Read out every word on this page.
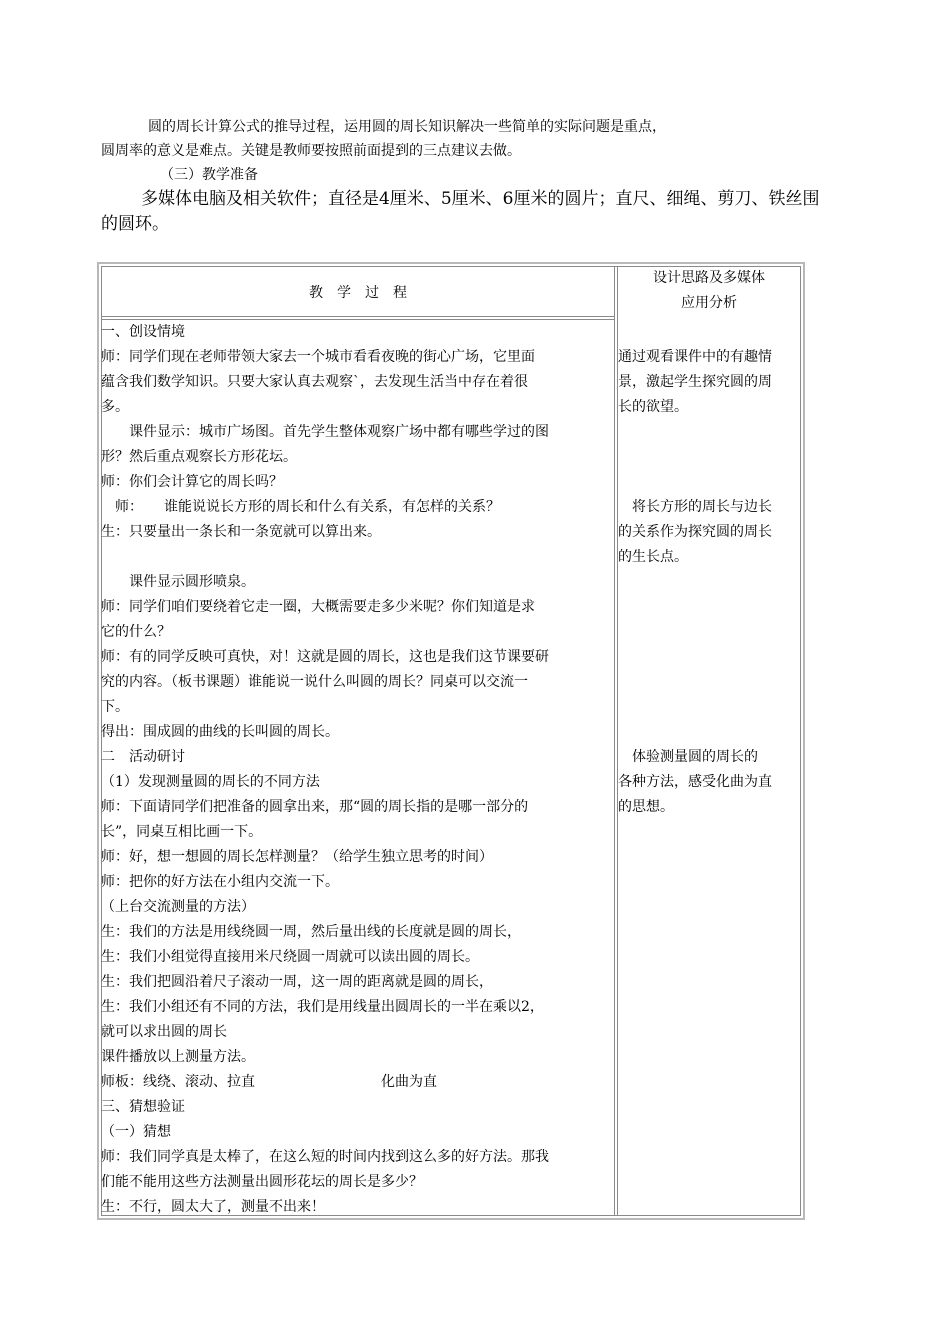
圆的周长计算公式的推导过程，运用圆的周长知识解决一些简单的实际问题是重点，

圆周率的意义是难点。关键是教师要按照前面提到的三点建议去做。

（三）教学准备

多媒体电脑及相关软件；直径是4厘米、5厘米、6厘米的圆片；直尺、细绳、剪刀、铁丝围

的圆环。

教　学　过　程
设计思路及多媒体
应用分析
一、创设情境
师：同学们现在老师带领大家去一个城市看看夜晚的街心广场，它里面
蕴含我们数学知识。只要大家认真去观察`，去发现生活当中存在着很
多。
　　课件显示：城市广场图。首先学生整体观察广场中都有哪些学过的图
形？然后重点观察长方形花坛。
师：你们会计算它的周长吗？
　师：　　谁能说说长方形的周长和什么有关系，有怎样的关系？
生：只要量出一条长和一条宽就可以算出来。
　　课件显示圆形喷泉。
师：同学们咱们要绕着它走一圈，大概需要走多少米呢？你们知道是求
它的什么？
师：有的同学反映可真快，对！这就是圆的周长，这也是我们这节课要研
究的内容。（板书课题）谁能说一说什么叫圆的周长？同桌可以交流一
下。
得出：围成圆的曲线的长叫圆的周长。
二　活动研讨
（1）发现测量圆的周长的不同方法
师：下面请同学们把准备的圆拿出来，那“圆的周长指的是哪一部分的
长”，同桌互相比画一下。
师：好，想一想圆的周长怎样测量？（给学生独立思考的时间）
师：把你的好方法在小组内交流一下。
（上台交流测量的方法）
生：我们的方法是用线绕圆一周，然后量出线的长度就是圆的周长，
生：我们小组觉得直接用米尺绕圆一周就可以读出圆的周长。
生：我们把圆沿着尺子滚动一周，这一周的距离就是圆的周长，
生：我们小组还有不同的方法，我们是用线量出圆周长的一半在乘以2，
就可以求出圆的周长
课件播放以上测量方法。
师板：线绕、滚动、拉直　　　　　　　　　化曲为直
三、猜想验证
（一）猜想
师：我们同学真是太棒了，在这么短的时间内找到这么多的好方法。那我
们能不能用这些方法测量出圆形花坛的周长是多少？
生：不行，圆太大了，测量不出来！
通过观看课件中的有趣情
景，激起学生探究圆的周
长的欲望。
　将长方形的周长与边长
的关系作为探究圆的周长
的生长点。
　体验测量圆的周长的
各种方法，感受化曲为直
的思想。
